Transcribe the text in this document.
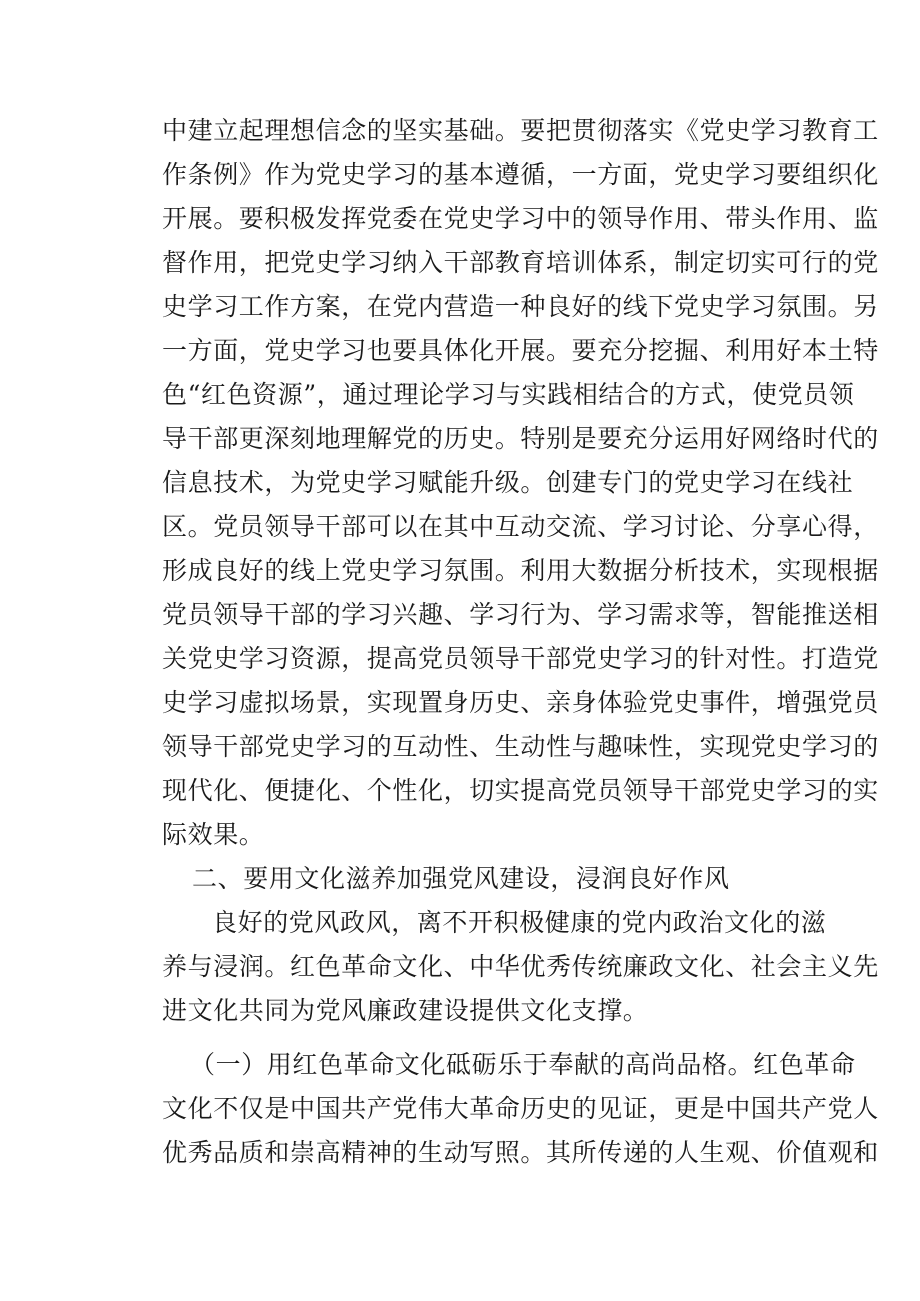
中建立起理想信念的坚实基础。要把贯彻落实《党史学习教育工
作条例》作为党史学习的基本遵循，一方面，党史学习要组织化
开展。要积极发挥党委在党史学习中的领导作用、带头作用、监
督作用，把党史学习纳入干部教育培训体系，制定切实可行的党
史学习工作方案，在党内营造一种良好的线下党史学习氛围。另
一方面，党史学习也要具体化开展。要充分挖掘、利用好本土特
色“红色资源”，通过理论学习与实践相结合的方式，使党员领
导干部更深刻地理解党的历史。特别是要充分运用好网络时代的
信息技术，为党史学习赋能升级。创建专门的党史学习在线社
区。党员领导干部可以在其中互动交流、学习讨论、分享心得，
形成良好的线上党史学习氛围。利用大数据分析技术，实现根据
党员领导干部的学习兴趣、学习行为、学习需求等，智能推送相
关党史学习资源，提高党员领导干部党史学习的针对性。打造党
史学习虚拟场景，实现置身历史、亲身体验党史事件，增强党员
领导干部党史学习的互动性、生动性与趣味性，实现党史学习的
现代化、便捷化、个性化，切实提高党员领导干部党史学习的实
际效果。
二、要用文化滋养加强党风建设，浸润良好作风
良好的党风政风，离不开积极健康的党内政治文化的滋
养与浸润。红色革命文化、中华优秀传统廉政文化、社会主义先
进文化共同为党风廉政建设提供文化支撑。
（一）用红色革命文化砥砺乐于奉献的高尚品格。红色革命
文化不仅是中国共产党伟大革命历史的见证，更是中国共产党人
优秀品质和崇高精神的生动写照。其所传递的人生观、价值观和
